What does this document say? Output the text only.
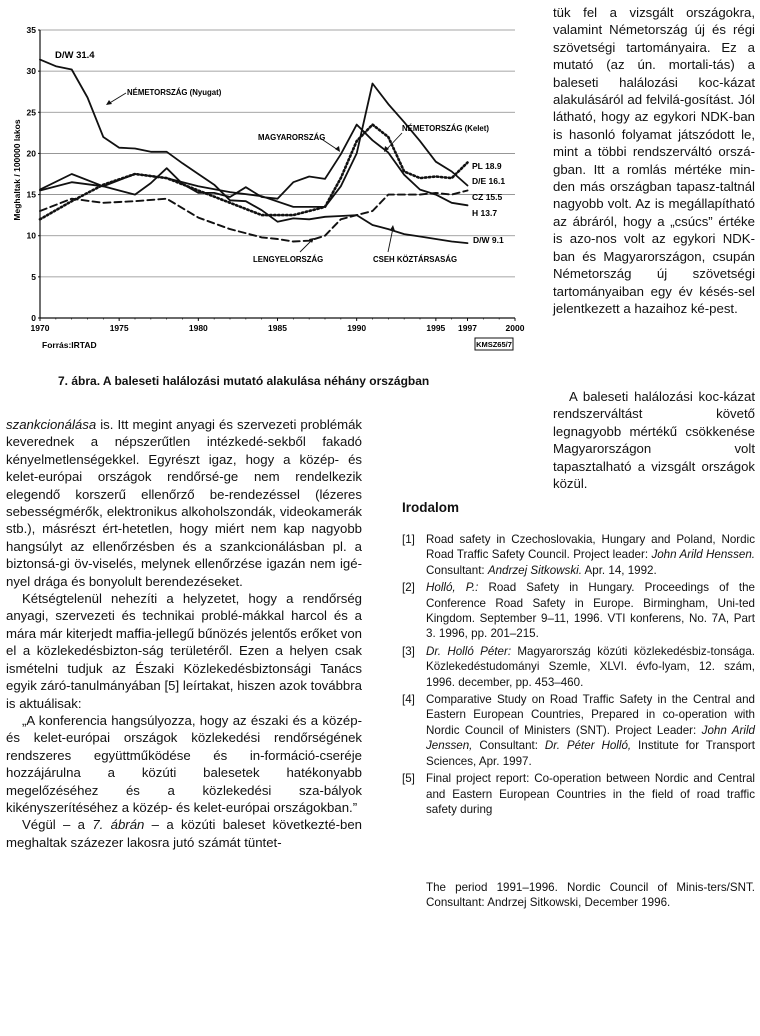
Meghaltak / 100000 lakos
0
5
10
15
20
25
30
35
1970	1975	1980	1985	1990	1995 1997	2000
D/W 31.4
D/E 16.1
PL 18.9
CZ 15.5
H 13.7
D/W 9.1
NÉMETORSZÁG (Nyugat)
MAGYARORSZÁG
NÉMETORSZÁG (Kelet)
LENGYELORSZÁG	CSEH KÖZTÁRSASÁG
Forrás:IRTAD	KMSZ65/7
7. ábra. A baleseti halálozási mutató alakulása néhány országban

tük fel a vizsgált országokra, valamint Németország új és régi szövetségi tartományaira. Ez a mutató (az ún. mortali-tás) a baleseti halálozási koc-kázat alakulásáról ad felvilá-gosítást. Jól látható, hogy az egykori NDK-ban is hasonló folyamat játszódott le, mint a többi rendszerváltó orszá-gban. Itt a romlás mértéke min-den más országban tapasz-taltnál nagyobb volt. Az is megállapítható az ábráról, hogy a „csúcs” értéke is azo-nos volt az egykori NDK-ban és Magyarországon, csupán Németország új szövetségi tartományaiban egy év késés-sel jelentkezett a hazaihoz ké-pest.

A baleseti halálozási koc-kázat rendszerváltást követő legnagyobb mértékű csökkenése Magyarországon volt tapasztalható a vizsgált országok közül.

szankcionálása is. Itt megint anyagi és szervezeti problémák keverednek a népszerűtlen intézkedé-sekből fakadó kényelmetlenségekkel. Egyrészt igaz, hogy a közép- és kelet-európai országok rendőrsé-ge nem rendelkezik elegendő korszerű ellenőrző be-rendezéssel (lézeres sebességmérők, elektronikus alkoholszondák, videokamerák stb.), másrészt ért-hetetlen, hogy miért nem kap nagyobb hangsúlyt az ellenőrzésben és a szankcionálásban pl. a biztonsá-gi öv-viselés, melynek ellenőrzése igazán nem igé-nyel drága és bonyolult berendezéseket.

Kétségtelenül nehezíti a helyzetet, hogy a rendőrség anyagi, szervezeti és technikai problé-mákkal harcol és a mára már kiterjedt maffia-jellegű bűnözés jelentős erőket von el a közlekedésbizton-ság területéről. Ezen a helyen csak ismételni tudjuk az Északi Közlekedésbiztonsági Tanács egyik záró-tanulmányában [5] leírtakat, hiszen azok továbbra is aktuálisak:

„A konferencia hangsúlyozza, hogy az északi és a közép- és kelet-európai országok közlekedési rendőrségének rendszeres együttműködése és in-formáció-cseréje hozzájárulna a közúti balesetek hatékonyabb megelőzéséhez és a közlekedési sza-bályok kikényszerítéséhez a közép- és kelet-európai országokban.”

Végül – a 7. ábrán – a közúti baleset következté-ben meghaltak százezer lakosra jutó számát tüntet-

Irodalom
[1] Road safety in Czechoslovakia, Hungary and Poland, Nordic Road Traffic Safety Council. Project leader: John Arild Henssen. Consultant: Andrzej Sitkowski. Apr. 14, 1992.
[2] Holló, P.: Road Safety in Hungary. Proceedings of the Conference Road Safety in Europe. Birmingham, Uni-ted Kingdom. September 9–11, 1996. VTI konferens, No. 7A, Part 3. 1996, pp. 201–215.
[3] Dr. Holló Péter: Magyarország közúti közlekedésbiz-tonsága. Közlekedéstudományi Szemle, XLVI. évfo-lyam, 12. szám, 1996. december, pp. 453–460.
[4] Comparative Study on Road Traffic Safety in the Central and Eastern European Countries, Prepared in co-operation with Nordic Council of Ministers (SNT). Project Leader: John Arild Jenssen, Consultant: Dr. Péter Holló, Institute for Transport Sciences, Apr. 1997.
[5] Final project report: Co-operation between Nordic and Central and Eastern European Countries in the field of road traffic safety during
The period 1991–1996. Nordic Council of Minis-ters/SNT. Consultant: Andrzej Sitkowski, December 1996.
